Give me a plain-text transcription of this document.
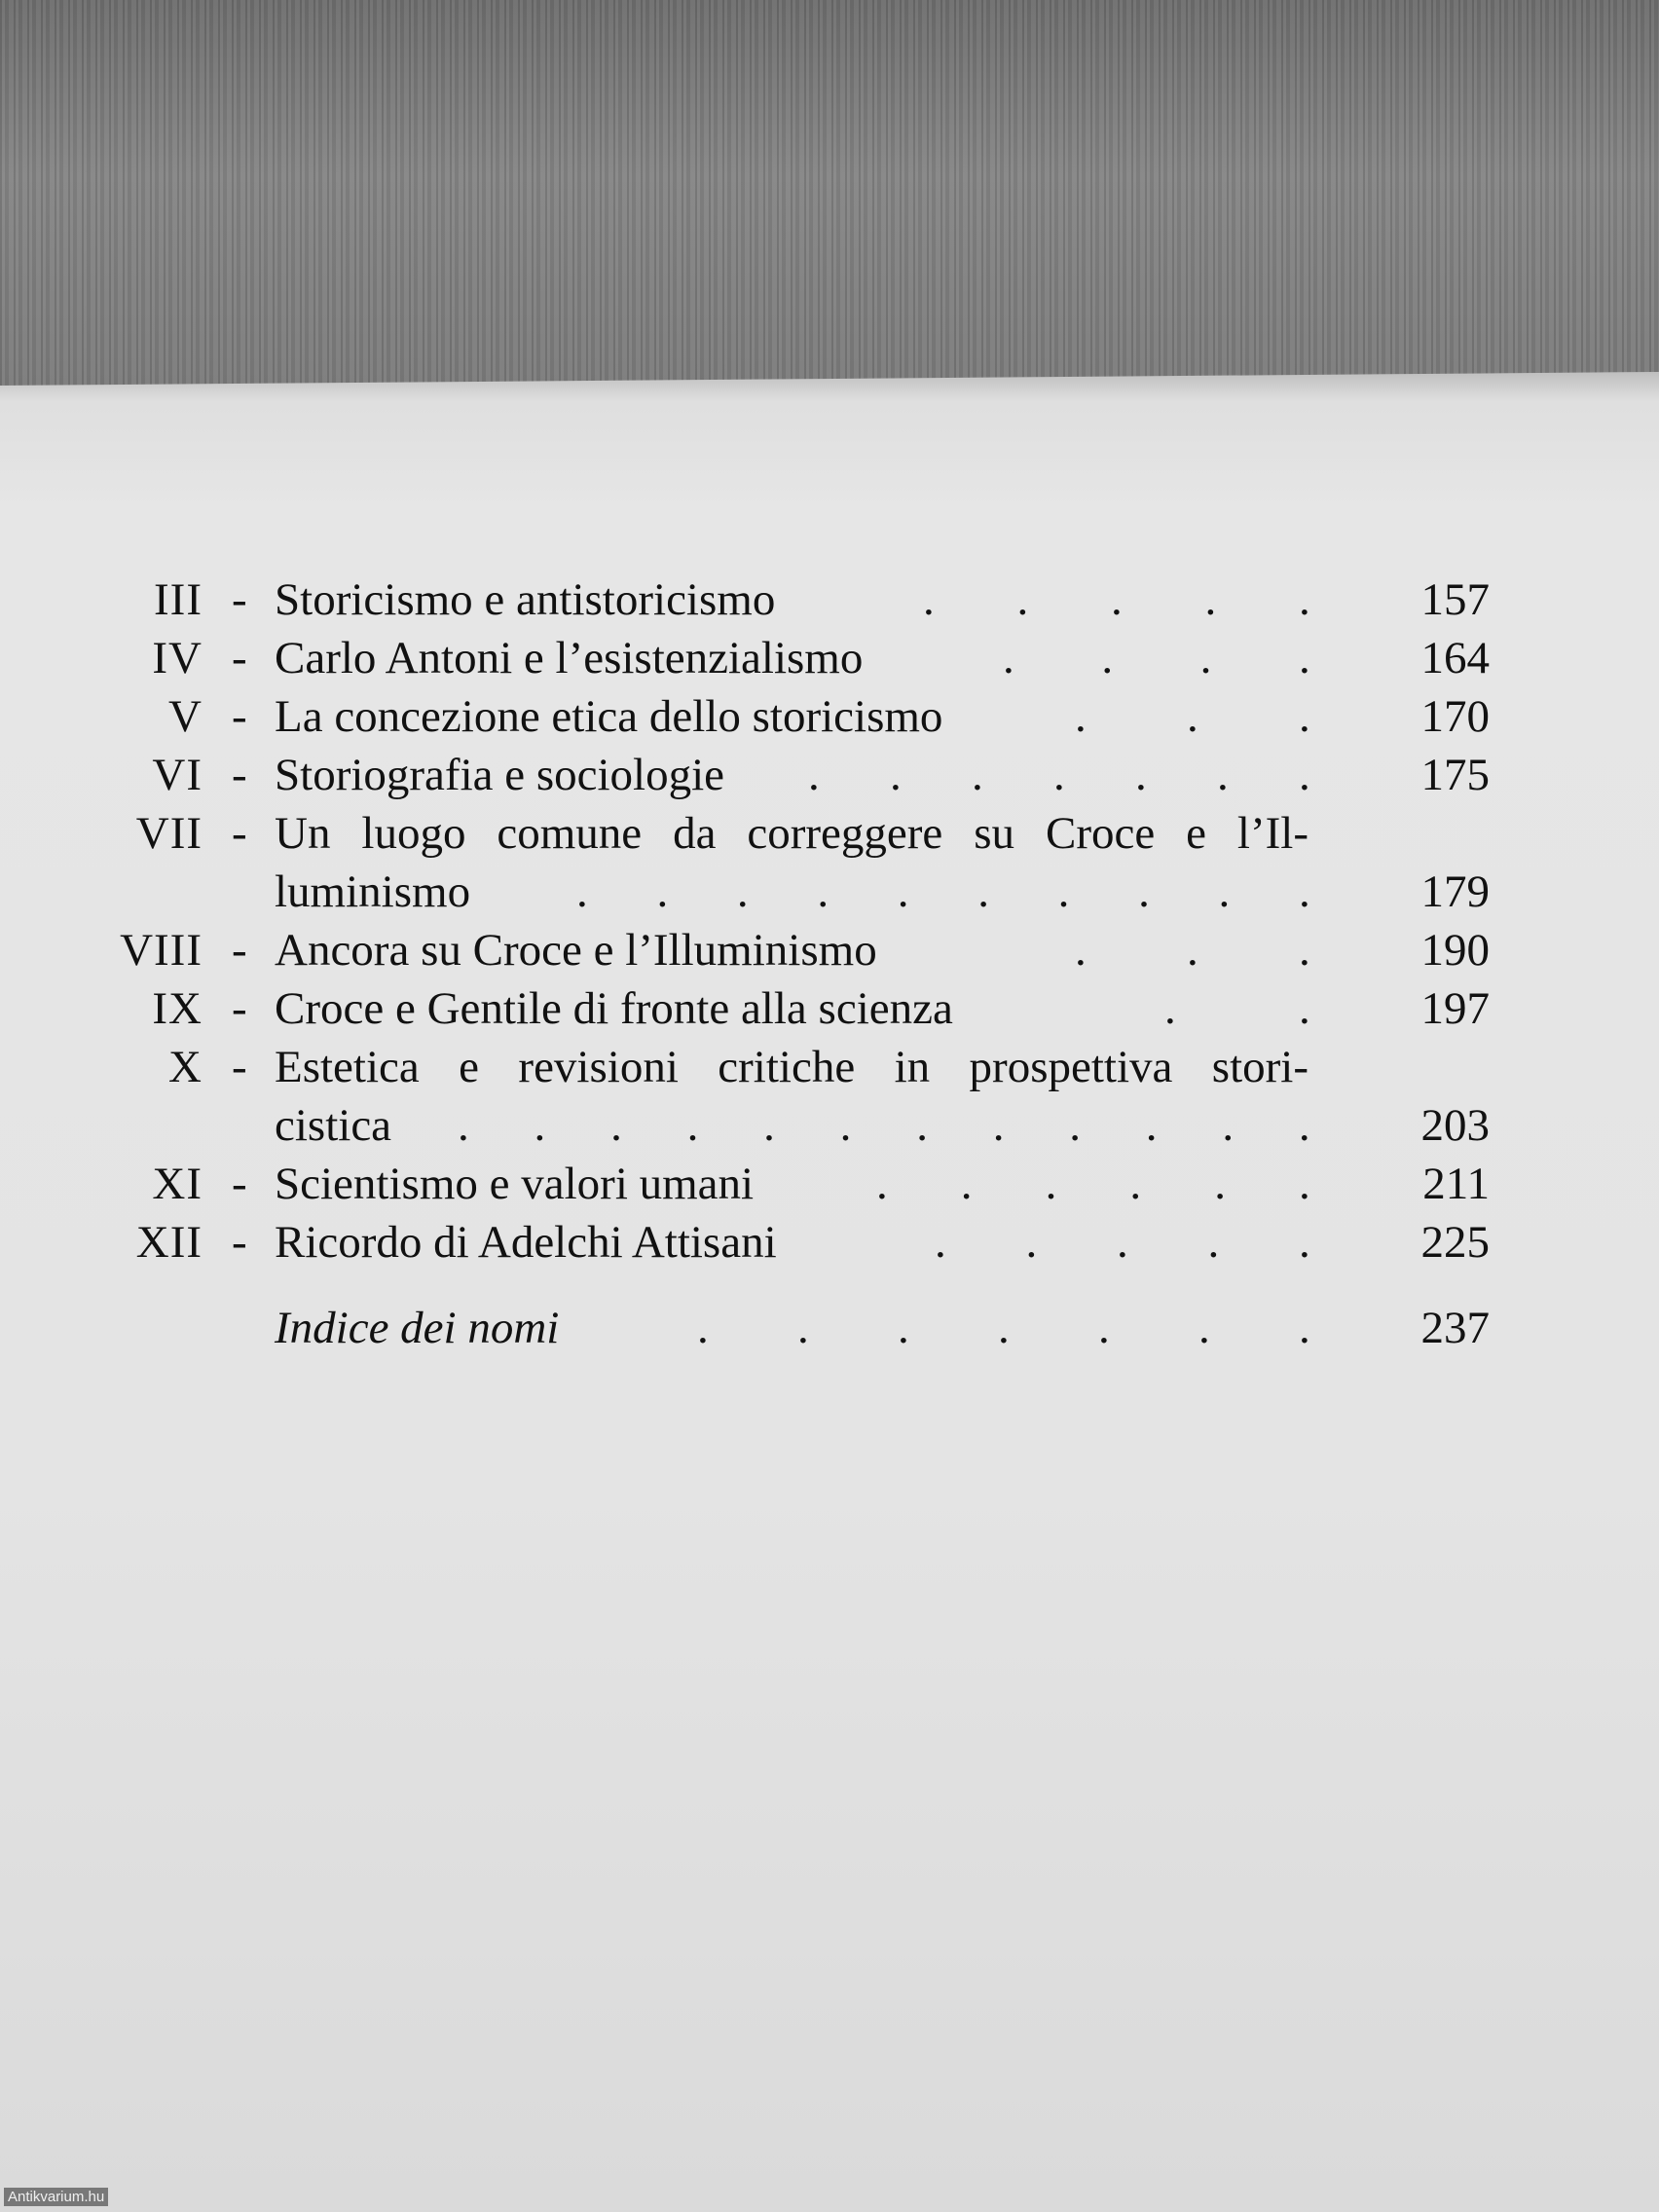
III - Storicismo e antistoricismo	. . . . . 157
IV - Carlo Antoni e l’esistenzialismo	. . . . 164
V - La concezione etica dello storicismo	. . . 170
VI - Storiografia e sociologie . . . . . . . 175
VII - Un luogo comune da correggere su Croce e l’Il-
luminismo . . . . . . . . . . 179
VIII - Ancora su Croce e l’Illuminismo	. . . 190
IX - Croce e Gentile di fronte alla scienza	.	. 197
X - Estetica e revisioni critiche in prospettiva stori-
cistica . . . . . . . . . . . . 203
XI - Scientismo e valori umani	. . . . . . 211
XII - Ricordo di Adelchi Attisani	. . . . . 225
Indice dei nomi	. . . . . . . 237
Antikvarium.hu
